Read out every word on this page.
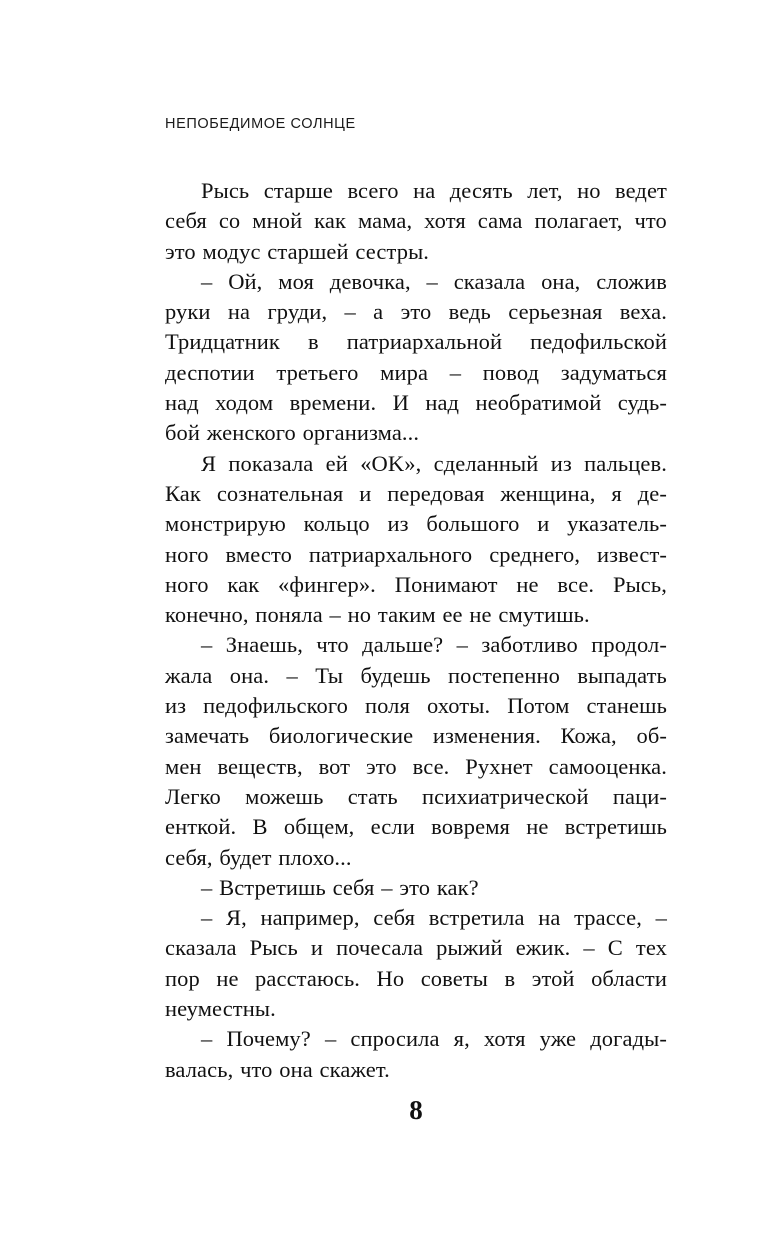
НЕПОБЕДИМОЕ СОЛНЦЕ
Рысь старше всего на десять лет, но ведет
себя со мной как мама, хотя сама полагает, что
это модус старшей сестры.
– Ой, моя девочка, – сказала она, сложив
руки на груди, – а это ведь серьезная веха.
Тридцатник в патриархальной педофильской
деспотии третьего мира – повод задуматься
над ходом времени. И над необратимой судь-
бой женского организма...
Я показала ей «OK», сделанный из пальцев.
Как сознательная и передовая женщина, я де-
монстрирую кольцо из большого и указатель-
ного вместо патриархального среднего, извест-
ного как «фингер». Понимают не все. Рысь,
конечно, поняла – но таким ее не смутишь.
– Знаешь, что дальше? – заботливо продол-
жала она. – Ты будешь постепенно выпадать
из педофильского поля охоты. Потом станешь
замечать биологические изменения. Кожа, об-
мен веществ, вот это все. Рухнет самооценка.
Легко можешь стать психиатрической паци-
енткой. В общем, если вовремя не встретишь
себя, будет плохо...
– Встретишь себя – это как?
– Я, например, себя встретила на трассе, –
сказала Рысь и почесала рыжий ежик. – С тех
пор не расстаюсь. Но советы в этой области
неуместны.
– Почему? – спросила я, хотя уже догады-
валась, что она скажет.
8
